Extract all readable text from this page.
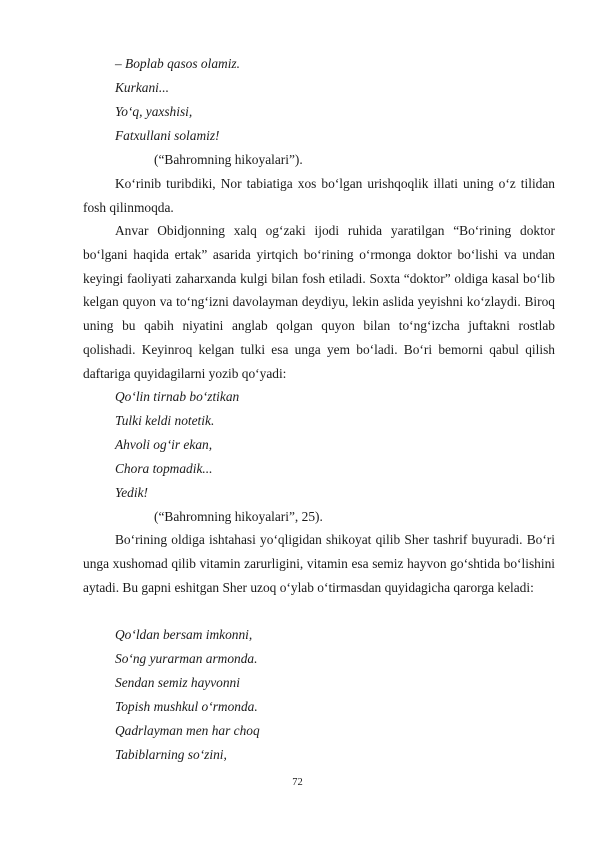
– Boplab qasos olamiz.
Kurkani...
Yo‘q, yaxshisi,
Fatxullani solamiz!
(“Bahromning hikoyalari”).

Ko‘rinib turibdiki, Nor tabiatiga xos bo‘lgan urishqoqlik illati uning o‘z tilidan fosh qilinmoqda.

Anvar Obidjonning xalq og‘zaki ijodi ruhida yaratilgan “Bo‘rining doktor bo‘lgani haqida ertak” asarida yirtqich bo‘rining o‘rmonga doktor bo‘lishi va undan keyingi faoliyati zaharxanda kulgi bilan fosh etiladi. Soxta “doktor” oldiga kasal bo‘lib kelgan quyon va to‘ng‘izni davolayman deydiyu, lekin aslida yeyishni ko‘zlaydi. Biroq uning bu qabih niyatini anglab qolgan quyon bilan to‘ng‘izcha juftakni rostlab qolishadi. Keyinroq kelgan tulki esa unga yem bo‘ladi. Bo‘ri bemorni qabul qilish daftariga quyidagilarni yozib qo‘yadi:

Qo‘lin tirnab bo‘ztikan
Tulki keldi notetik.
Ahvoli og‘ir ekan,
Chora topmadik...
Yedik!
(“Bahromning hikoyalari”, 25).

Bo‘rining oldiga ishtahasi yo‘qligidan shikoyat qilib Sher tashrif buyuradi. Bo‘ri unga xushomad qilib vitamin zarurligini, vitamin esa semiz hayvon go‘shtida bo‘lishini aytadi. Bu gapni eshitgan Sher uzoq o‘ylab o‘tirmasdan quyidagicha qarorga keladi:

Qo‘ldan bersam imkonni,
So‘ng yurarman armonda.
Sendan semiz hayvonni
Topish mushkul o‘rmonda.
Qadrlayman men har choq
Tabiblarning so‘zini,
72
